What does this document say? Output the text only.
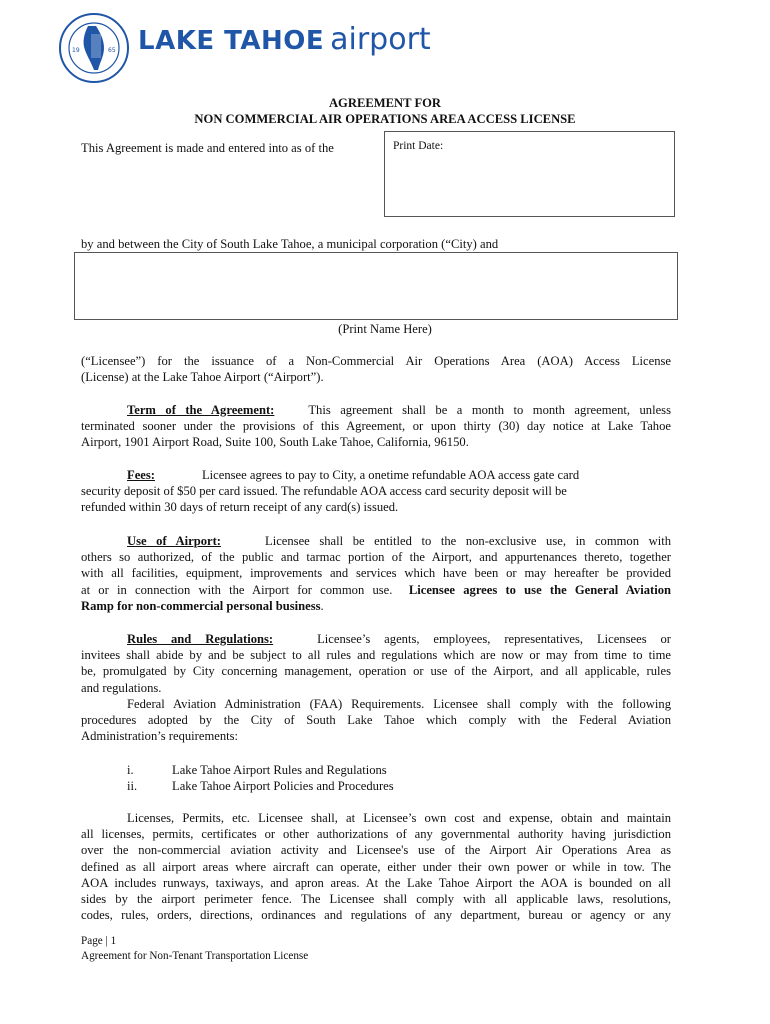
19	65 LAKE TAHOE airport
AGREEMENT FOR
NON COMMERCIAL AIR OPERATIONS AREA ACCESS LICENSE
This Agreement is made and entered into as of the	Print Date:
by and between the City of South Lake Tahoe, a municipal corporation (“City) and
(Print Name Here)
(“Licensee”) for the issuance of a Non-Commercial Air Operations Area (AOA) Access License
(License) at the Lake Tahoe Airport (“Airport”).
Term of the Agreement:	This agreement shall be a month to month agreement, unless
terminated sooner under the provisions of this Agreement, or upon thirty (30) day notice at Lake Tahoe
Airport, 1901 Airport Road, Suite 100, South Lake Tahoe, California, 96150.
Fees:	Licensee agrees to pay to City, a onetime refundable AOA access gate card
security deposit of $50 per card issued. The refundable AOA access card security deposit will be
refunded within 30 days of return receipt of any card(s) issued.
Use of Airport:	Licensee shall be entitled to the non-exclusive use, in common with
others so authorized, of the public and tarmac portion of the Airport, and appurtenances thereto, together
with all facilities, equipment, improvements and services which have been or may hereafter be provided
at or in connection with the Airport for common use. Licensee agrees to use the General Aviation
Ramp for non-commercial personal business.
Rules and Regulations:	Licensee’s agents, employees, representatives, Licensees or
invitees shall abide by and be subject to all rules and regulations which are now or may from time to time
be, promulgated by City concerning management, operation or use of the Airport, and all applicable, rules
and regulations.
Federal Aviation Administration (FAA) Requirements. Licensee shall comply with the following
procedures adopted by the City of South Lake Tahoe which comply with the Federal Aviation
Administration’s requirements:
i.	Lake Tahoe Airport Rules and Regulations
ii.	Lake Tahoe Airport Policies and Procedures
Licenses, Permits, etc. Licensee shall, at Licensee’s own cost and expense, obtain and maintain
all licenses, permits, certificates or other authorizations of any governmental authority having jurisdiction
over the non-commercial aviation activity and Licensee's use of the Airport Air Operations Area as
defined as all airport areas where aircraft can operate, either under their own power or while in tow. The
AOA includes runways, taxiways, and apron areas. At the Lake Tahoe Airport the AOA is bounded on all
sides by the airport perimeter fence. The Licensee shall comply with all applicable laws, resolutions,
codes, rules, orders, directions, ordinances and regulations of any department, bureau or agency or any
Page | 1
Agreement for Non-Tenant Transportation License
